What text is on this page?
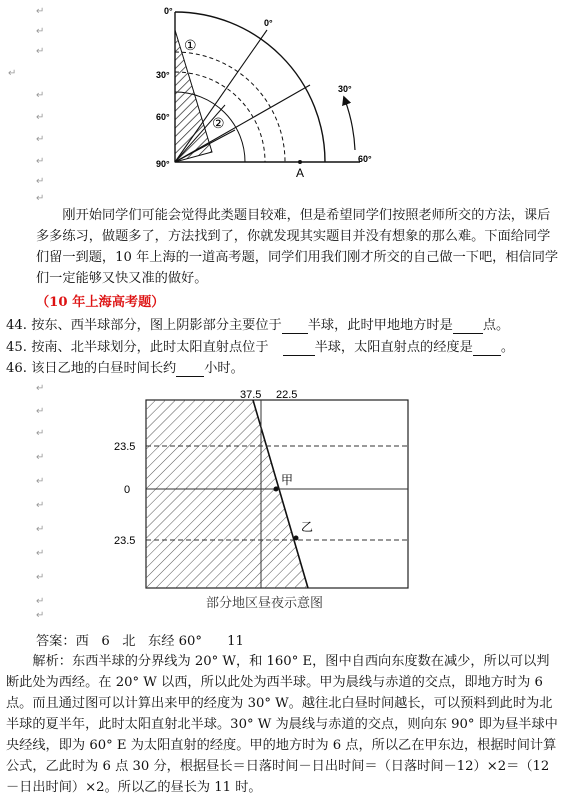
0°
0°
30°
30°
60°
60°
90°
A
①
②
↵
↵
↵
↵
↵
↵
↵
↵
↵
↵

刚开始同学们可能会觉得此类题目较难，但是希望同学们按照老师所交的方法，课后多多练习，做题多了，方法找到了，你就发现其实题目并没有想象的那么难。下面给同学们留一到题，10 年上海的一道高考题，同学们用我们刚才所交的自己做一下吧，相信同学们一定能够又快又准的做好。

（10 年上海高考题）
44. 按东、西半球部分，图上阴影部分主要位于 半球，此时甲地地方时是 点。
45. 按南、北半球划分，此时太阳直射点位于	半球，太阳直射点的经度是 。
46. 该日乙地的白昼时间长约 小时。
↵
↵
↵
↵
↵
↵
↵
↵
↵
↵
↵
37.5 22.5
23.5
0
23.5
甲
乙
部分地区昼夜示意图
答案：西   6   北   东经 60°      11

解析：东西半球的分界线为 20° W，和 160° E，图中自西向东度数在减少，所以可以判断此处为西经。在 20° W 以西，所以此处为西半球。甲为晨线与赤道的交点，即地方时为 6 点。而且通过图可以计算出来甲的经度为 30° W。越往北白昼时间越长，可以预料到此时为北半球的夏半年，此时太阳直射北半球。30° W 为晨线与赤道的交点，则向东 90° 即为昼半球中央经线，即为 60° E 为太阳直射的经度。甲的地方时为 6 点，所以乙在甲东边，根据时间计算公式，乙此时为 6 点 30 分，根据昼长＝日落时间－日出时间＝（日落时间－12）×2＝（12－日出时间）×2。所以乙的昼长为 11 时。
